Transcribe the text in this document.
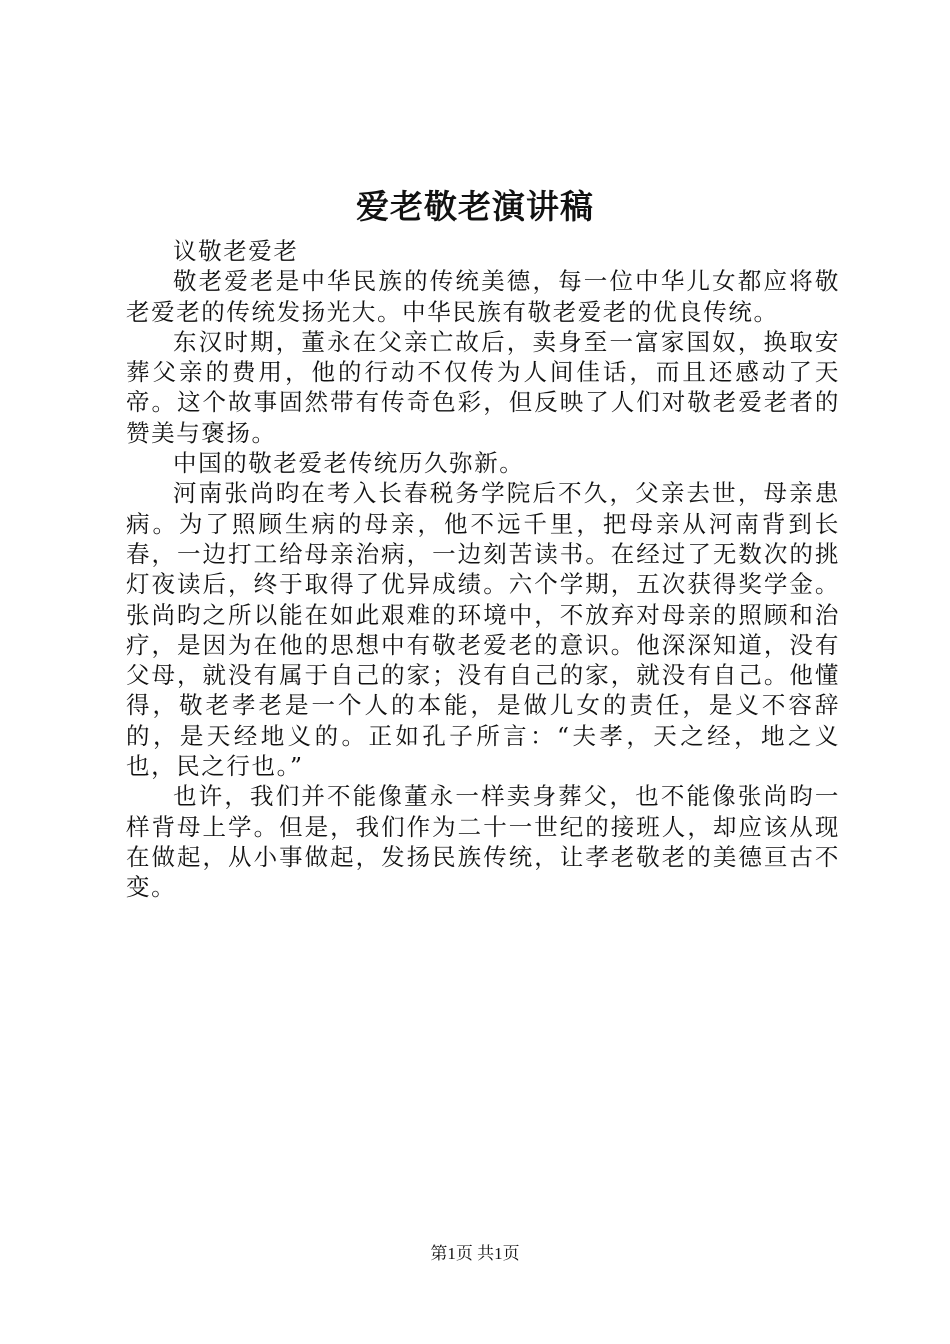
爱老敬老演讲稿

议敬老爱老

敬老爱老是中华民族的传统美德，每一位中华儿女都应将敬老爱老的传统发扬光大。中华民族有敬老爱老的优良传统。

东汉时期，董永在父亲亡故后，卖身至一富家国奴，换取安葬父亲的费用，他的行动不仅传为人间佳话，而且还感动了天帝。这个故事固然带有传奇色彩，但反映了人们对敬老爱老者的赞美与褒扬。

中国的敬老爱老传统历久弥新。

河南张尚昀在考入长春税务学院后不久，父亲去世，母亲患病。为了照顾生病的母亲，他不远千里，把母亲从河南背到长春，一边打工给母亲治病，一边刻苦读书。在经过了无数次的挑灯夜读后，终于取得了优异成绩。六个学期，五次获得奖学金。张尚昀之所以能在如此艰难的环境中，不放弃对母亲的照顾和治疗，是因为在他的思想中有敬老爱老的意识。他深深知道，没有父母，就没有属于自己的家；没有自己的家，就没有自己。他懂得，敬老孝老是一个人的本能，是做儿女的责任，是义不容辞的，是天经地义的。正如孔子所言：“夫孝，天之经，地之义也，民之行也。”

也许，我们并不能像董永一样卖身葬父，也不能像张尚昀一样背母上学。但是，我们作为二十一世纪的接班人，却应该从现在做起，从小事做起，发扬民族传统，让孝老敬老的美德亘古不变。

第1页 共1页
